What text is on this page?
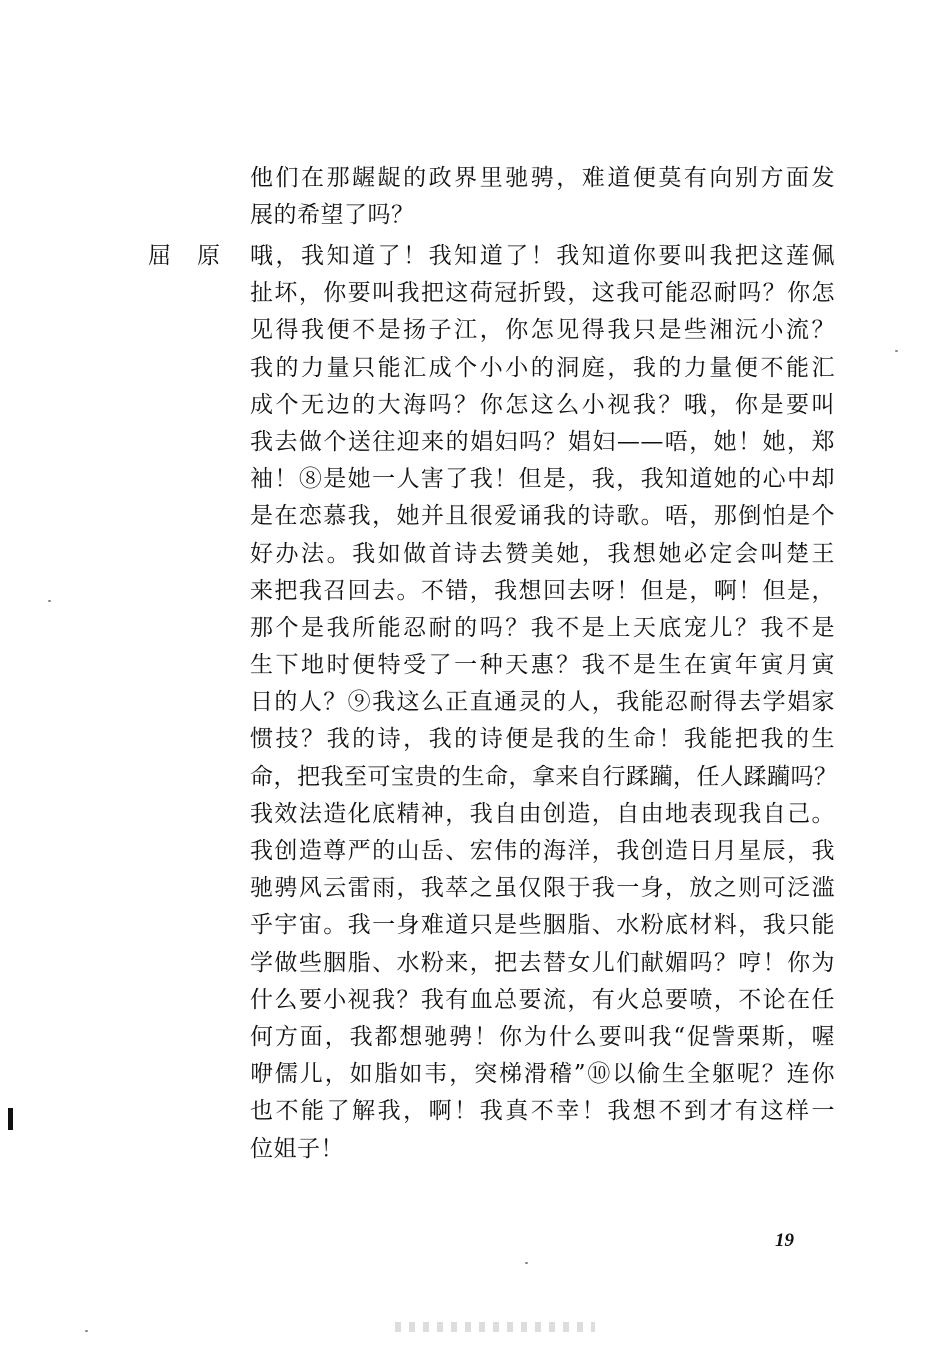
他们在那龌龊的政界里驰骋，难道便莫有向别方面发
展的希望了吗？
屈原 哦，我知道了！我知道了！我知道你要叫我把这莲佩
扯坏，你要叫我把这荷冠折毁，这我可能忍耐吗？你怎
见得我便不是扬子江，你怎见得我只是些湘沅小流？
我的力量只能汇成个小小的洞庭，我的力量便不能汇
成个无边的大海吗？你怎这么小视我？哦，你是要叫
我去做个送往迎来的娼妇吗？娼妇——唔，她！她，郑
袖！⑧是她一人害了我！但是，我，我知道她的心中却
是在恋慕我，她并且很爱诵我的诗歌。唔，那倒怕是个
好办法。我如做首诗去赞美她，我想她必定会叫楚王
来把我召回去。不错，我想回去呀！但是，啊！但是，
那个是我所能忍耐的吗？我不是上天底宠儿？我不是
生下地时便特受了一种天惠？我不是生在寅年寅月寅
日的人？⑨我这么正直通灵的人，我能忍耐得去学娼家
惯技？我的诗，我的诗便是我的生命！我能把我的生
命，把我至可宝贵的生命，拿来自行蹂躏，任人蹂躏吗？
我效法造化底精神，我自由创造，自由地表现我自己。
我创造尊严的山岳、宏伟的海洋，我创造日月星辰，我
驰骋风云雷雨，我萃之虽仅限于我一身，放之则可泛滥
乎宇宙。我一身难道只是些胭脂、水粉底材料，我只能
学做些胭脂、水粉来，把去替女儿们献媚吗？哼！你为
什么要小视我？我有血总要流，有火总要喷，不论在任
何方面，我都想驰骋！你为什么要叫我“促訾栗斯，喔
咿儒儿，如脂如韦，突梯滑稽”⑩以偷生全躯呢？连你
也不能了解我，啊！我真不幸！我想不到才有这样一
位姐子！
19
